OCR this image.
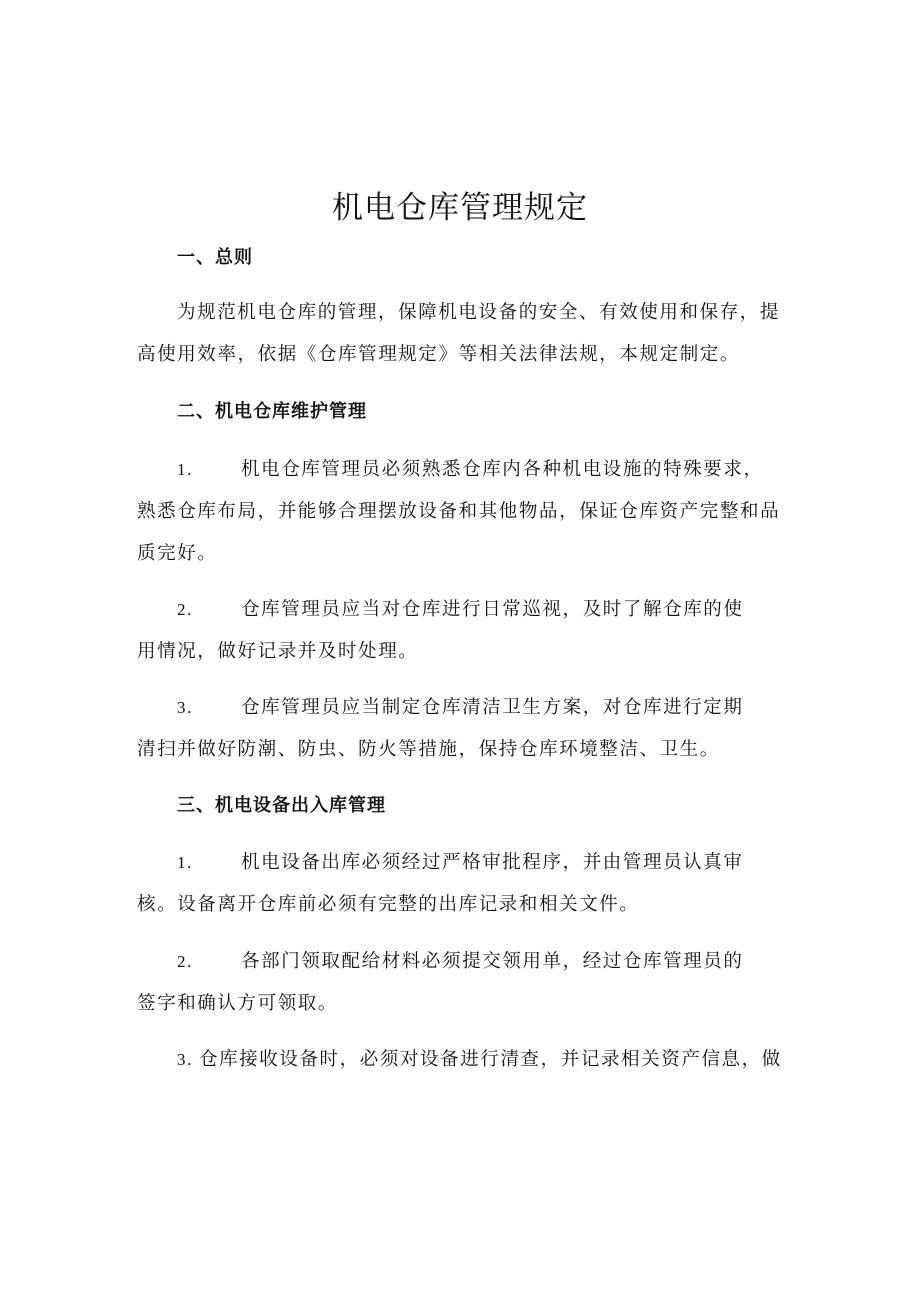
机电仓库管理规定
一、总则
为规范机电仓库的管理，保障机电设备的安全、有效使用和保存，提
高使用效率，依据《仓库管理规定》等相关法律法规，本规定制定。
二、机电仓库维护管理
1.	机电仓库管理员必须熟悉仓库内各种机电设施的特殊要求，
熟悉仓库布局，并能够合理摆放设备和其他物品，保证仓库资产完整和品
质完好。
2.	仓库管理员应当对仓库进行日常巡视，及时了解仓库的使
用情况，做好记录并及时处理。
3.	仓库管理员应当制定仓库清洁卫生方案，对仓库进行定期
清扫并做好防潮、防虫、防火等措施，保持仓库环境整洁、卫生。
三、机电设备出入库管理
1.	机电设备出库必须经过严格审批程序，并由管理员认真审
核。设备离开仓库前必须有完整的出库记录和相关文件。
2.	各部门领取配给材料必须提交领用单，经过仓库管理员的
签字和确认方可领取。
3. 仓库接收设备时，必须对设备进行清查，并记录相关资产信息，做
